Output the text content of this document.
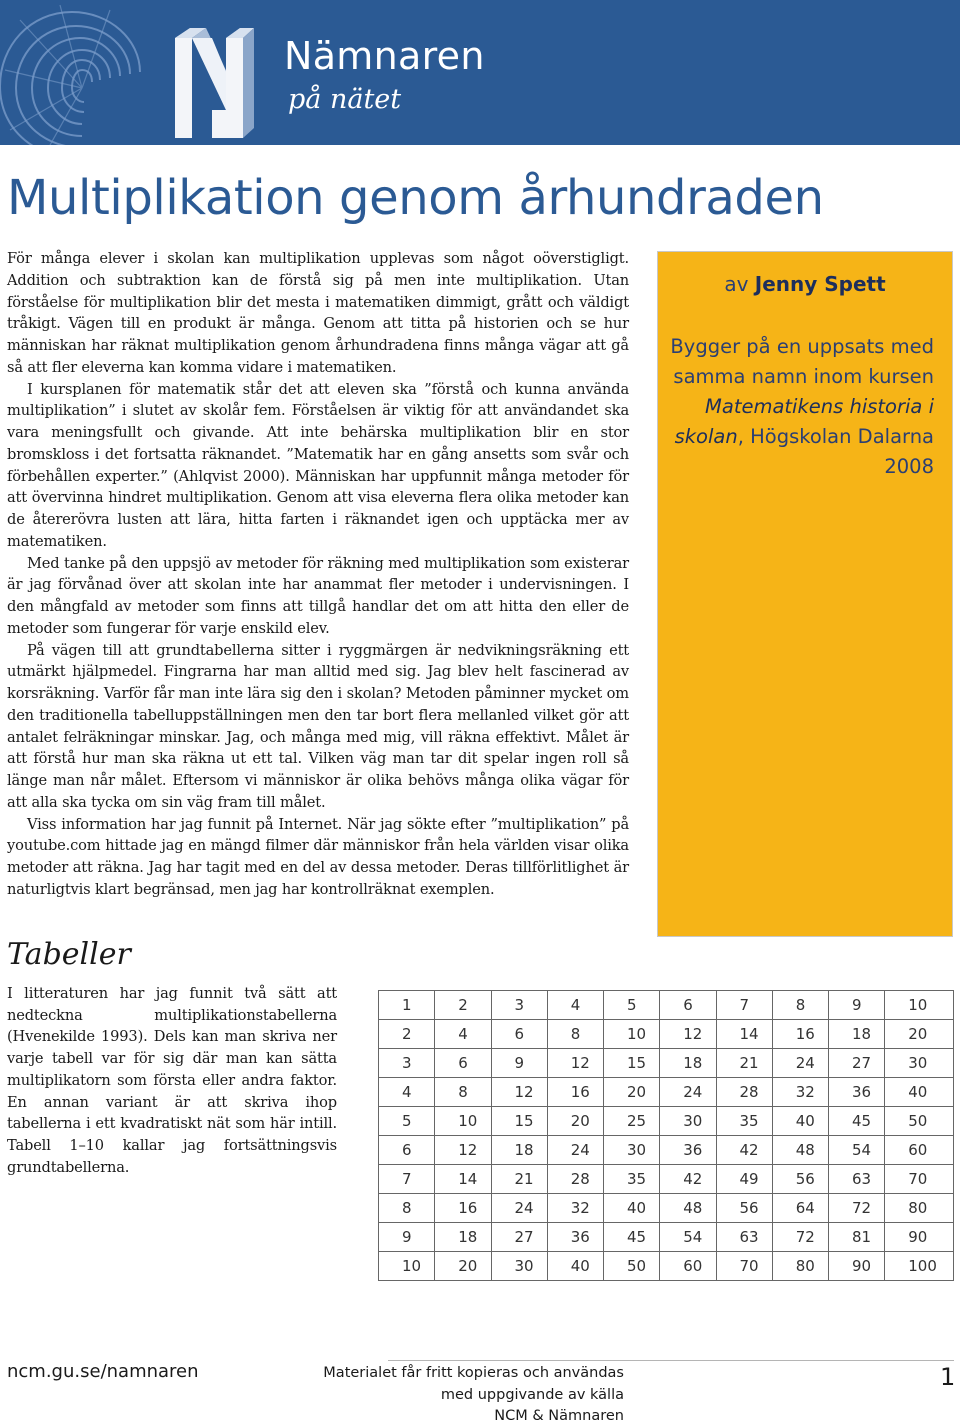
Nämnaren
på nätet
Multiplikation genom århundraden

För många elever i skolan kan multiplikation upplevas som något oöverstigligt. Addition och subtraktion kan de förstå sig på men inte multiplikation. Utan förståelse för multiplikation blir det mesta i matematiken dimmigt, grått och väldigt tråkigt. Vägen till en produkt är många. Genom att titta på historien och se hur människan har räknat multiplikation genom århundradena finns många vägar att gå så att fler eleverna kan komma vidare i matematiken.

I kursplanen för matematik står det att eleven ska ”förstå och kunna använda multiplikation” i slutet av skolår fem. Förståelsen är viktig för att användandet ska vara meningsfullt och givande. Att inte behärska multiplikation blir en stor bromskloss i det fortsatta räknandet. ”Matematik har en gång ansetts som svår och förbehållen experter.” (Ahlqvist 2000). Människan har uppfunnit många metoder för att övervinna hindret multiplikation. Genom att visa eleverna flera olika metoder kan de återerövra lusten att lära, hitta farten i räknandet igen och upptäcka mer av matematiken.

Med tanke på den uppsjö av metoder för räkning med multiplikation som existerar är jag förvånad över att skolan inte har anammat fler metoder i undervisningen. I den mångfald av metoder som finns att tillgå handlar det om att hitta den eller de metoder som fungerar för varje enskild elev.

På vägen till att grundtabellerna sitter i ryggmärgen är nedvikningsräkning ett utmärkt hjälpmedel. Fingrarna har man alltid med sig. Jag blev helt fascinerad av korsräkning. Varför får man inte lära sig den i skolan? Metoden påminner mycket om den traditionella tabelluppställningen men den tar bort flera mellanled vilket gör att antalet felräkningar minskar. Jag, och många med mig, vill räkna effektivt. Målet är att förstå hur man ska räkna ut ett tal. Vilken väg man tar dit spelar ingen roll så länge man når målet. Eftersom vi människor är olika behövs många olika vägar för att alla ska tycka om sin väg fram till målet.

Viss information har jag funnit på Internet. När jag sökte efter ”multiplikation” på youtube.com hittade jag en mängd filmer där människor från hela världen visar olika metoder att räkna. Jag har tagit med en del av dessa metoder. Deras tillförlitlighet är naturligtvis klart begränsad, men jag har kontrollräknat exemplen.

av Jenny Spett
Bygger på en uppsats med samma namn inom kursen Matematikens historia i skolan, Högskolan Dalarna 2008
Tabeller

I litteraturen har jag funnit två sätt att nedteckna multiplikationstabellerna (Hvenekilde 1993). Dels kan man skriva ner varje tabell var för sig där man kan sätta multiplikatorn som första eller andra faktor. En annan variant är att skriva ihop tabellerna i ett kvadratiskt nät som här intill. Tabell 1–10 kallar jag fortsättningsvis grundtabellerna.

1	2	3	4	5	6	7	8	9	10
2	4	6	8	10	12	14	16	18	20
3	6	9	12	15	18	21	24	27	30
4	8	12	16	20	24	28	32	36	40
5	10	15	20	25	30	35	40	45	50
6	12	18	24	30	36	42	48	54	60
7	14	21	28	35	42	49	56	63	70
8	16	24	32	40	48	56	64	72	80
9	18	27	36	45	54	63	72	81	90
10	20	30	40	50	60	70	80	90	100
ncm.gu.se/namnaren	Materialet får fritt kopieras och användas
med uppgivande av källa
NCM & Nämnaren
1
